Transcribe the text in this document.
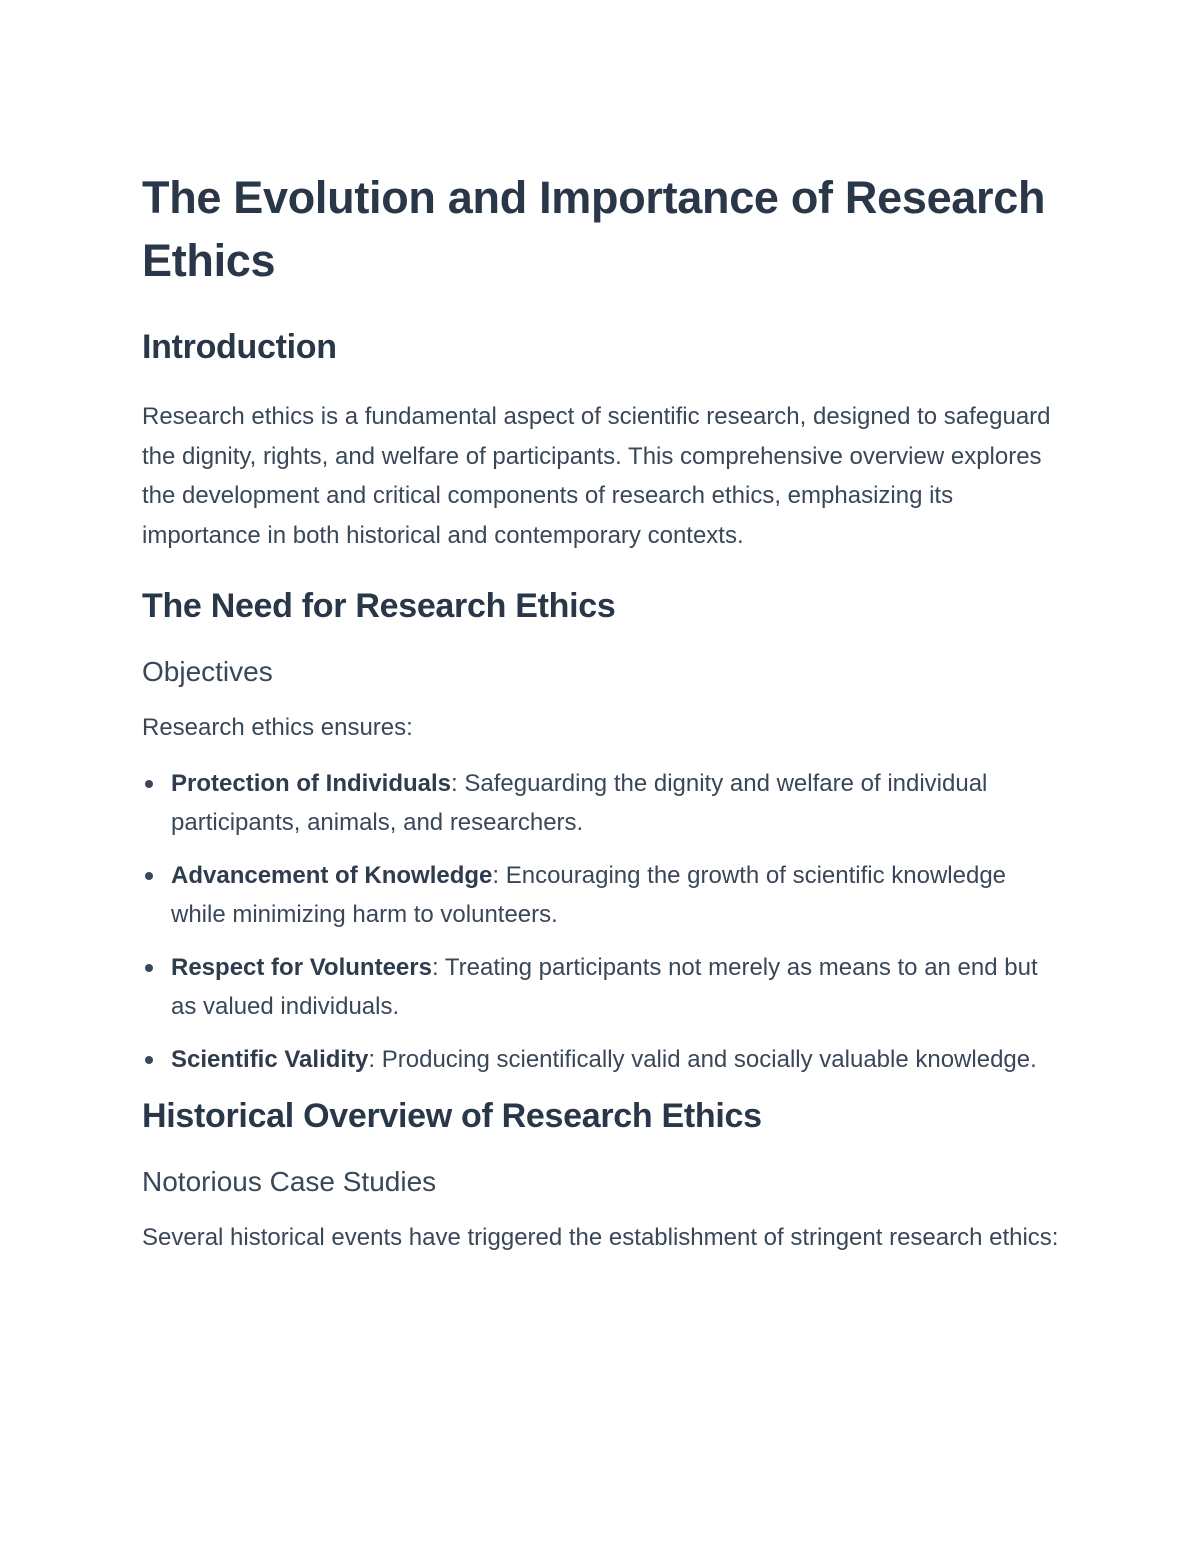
The Evolution and Importance of Research Ethics
Introduction

Research ethics is a fundamental aspect of scientific research, designed to safeguard the dignity, rights, and welfare of participants. This comprehensive overview explores the development and critical components of research ethics, emphasizing its importance in both historical and contemporary contexts.

The Need for Research Ethics
Objectives

Research ethics ensures:

Protection of Individuals: Safeguarding the dignity and welfare of individual participants, animals, and researchers.
Advancement of Knowledge: Encouraging the growth of scientific knowledge while minimizing harm to volunteers.
Respect for Volunteers: Treating participants not merely as means to an end but as valued individuals.
Scientific Validity: Producing scientifically valid and socially valuable knowledge.
Historical Overview of Research Ethics
Notorious Case Studies

Several historical events have triggered the establishment of stringent research ethics:
